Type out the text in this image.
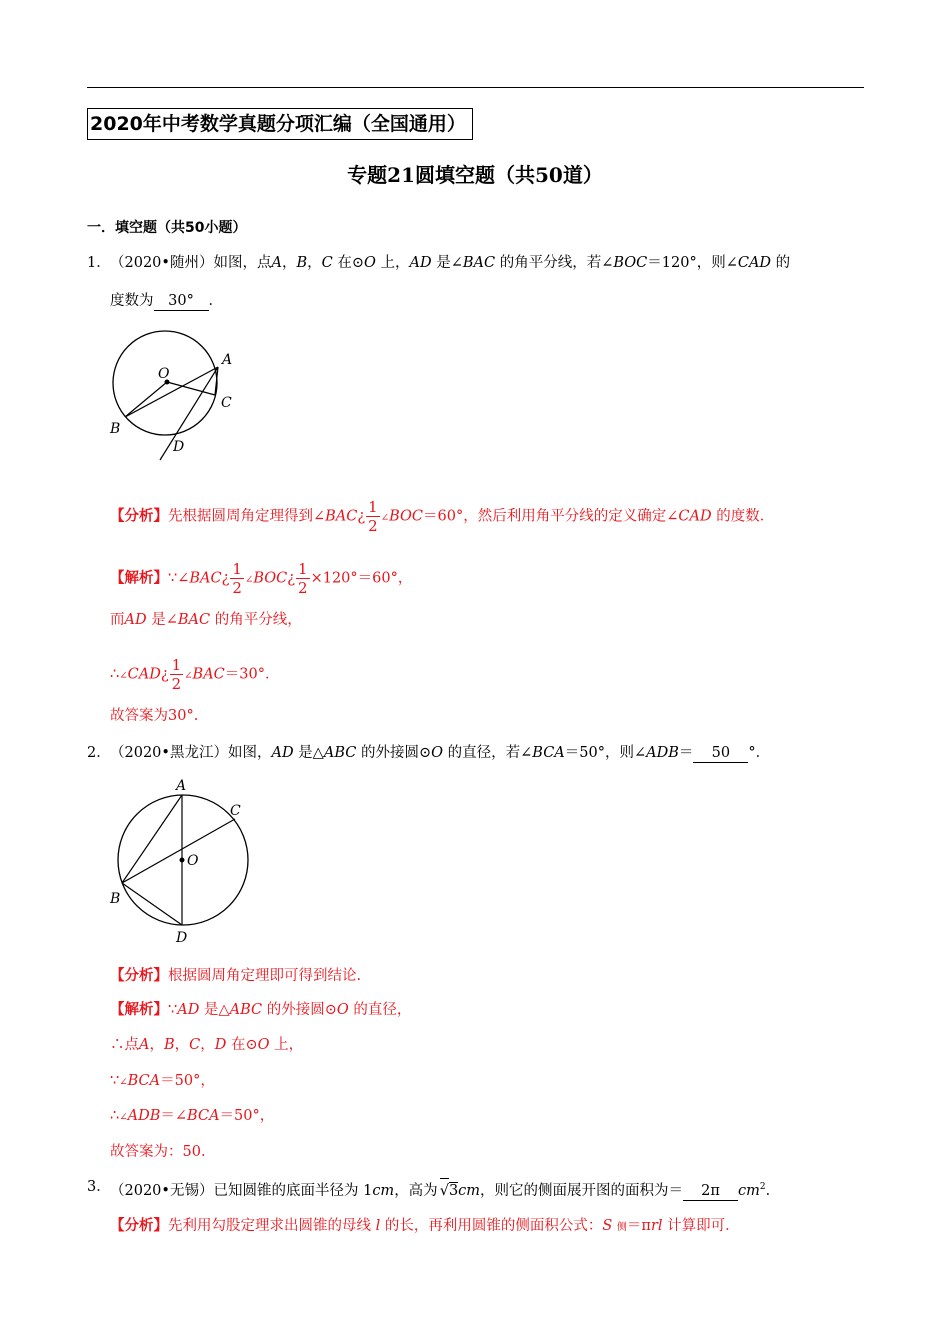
2020年中考数学真题分项汇编（全国通用）
专题21圆填空题（共50道）
一．填空题（共50小题）
1． （2020•随州）如图，点A，B，C 在⊙O 上，AD 是∠BAC 的角平分线，若∠BOC＝120°，则∠CAD 的
度数为 30° ．
O
A
C
B
D
【分析】先根据圆周角定理得到∠BAC¿ $\frac{1}{2}$ ∠BOC＝60°，然后利用角平分线的定义确定∠CAD 的度数．
【解析】∵∠BAC¿ $\frac{1}{2}$ ∠BOC¿ $\frac{1}{2} \times 120^\circ=60^\circ$，
而AD 是∠BAC 的角平分线，
∴∠CAD¿ $\frac{1}{2}$ ∠BAC＝30°．
故答案为30°.
2． （2020•黑龙江）如图，AD 是△ABC 的外接圆⊙O 的直径，若∠BCA＝50°，则∠ADB＝ 50 °．
A
C
O
B
D
【分析】根据圆周角定理即可得到结论.
【解析】∵AD 是△ABC 的外接圆⊙O 的直径，
∴点A，B，C，D 在⊙O 上，
∵∠BCA＝50°，
∴∠ADB＝∠BCA＝50°，
故答案为：50.
3． （2020•无锡）已知圆锥的底面半径为 1cm，高为 √3cm，则它的侧面展开图的面积为＝ 2π $cm^2$．
【分析】先利用勾股定理求出圆锥的母线 l 的长，再利用圆锥的侧面积公式：S 侧＝πrl 计算即可．
